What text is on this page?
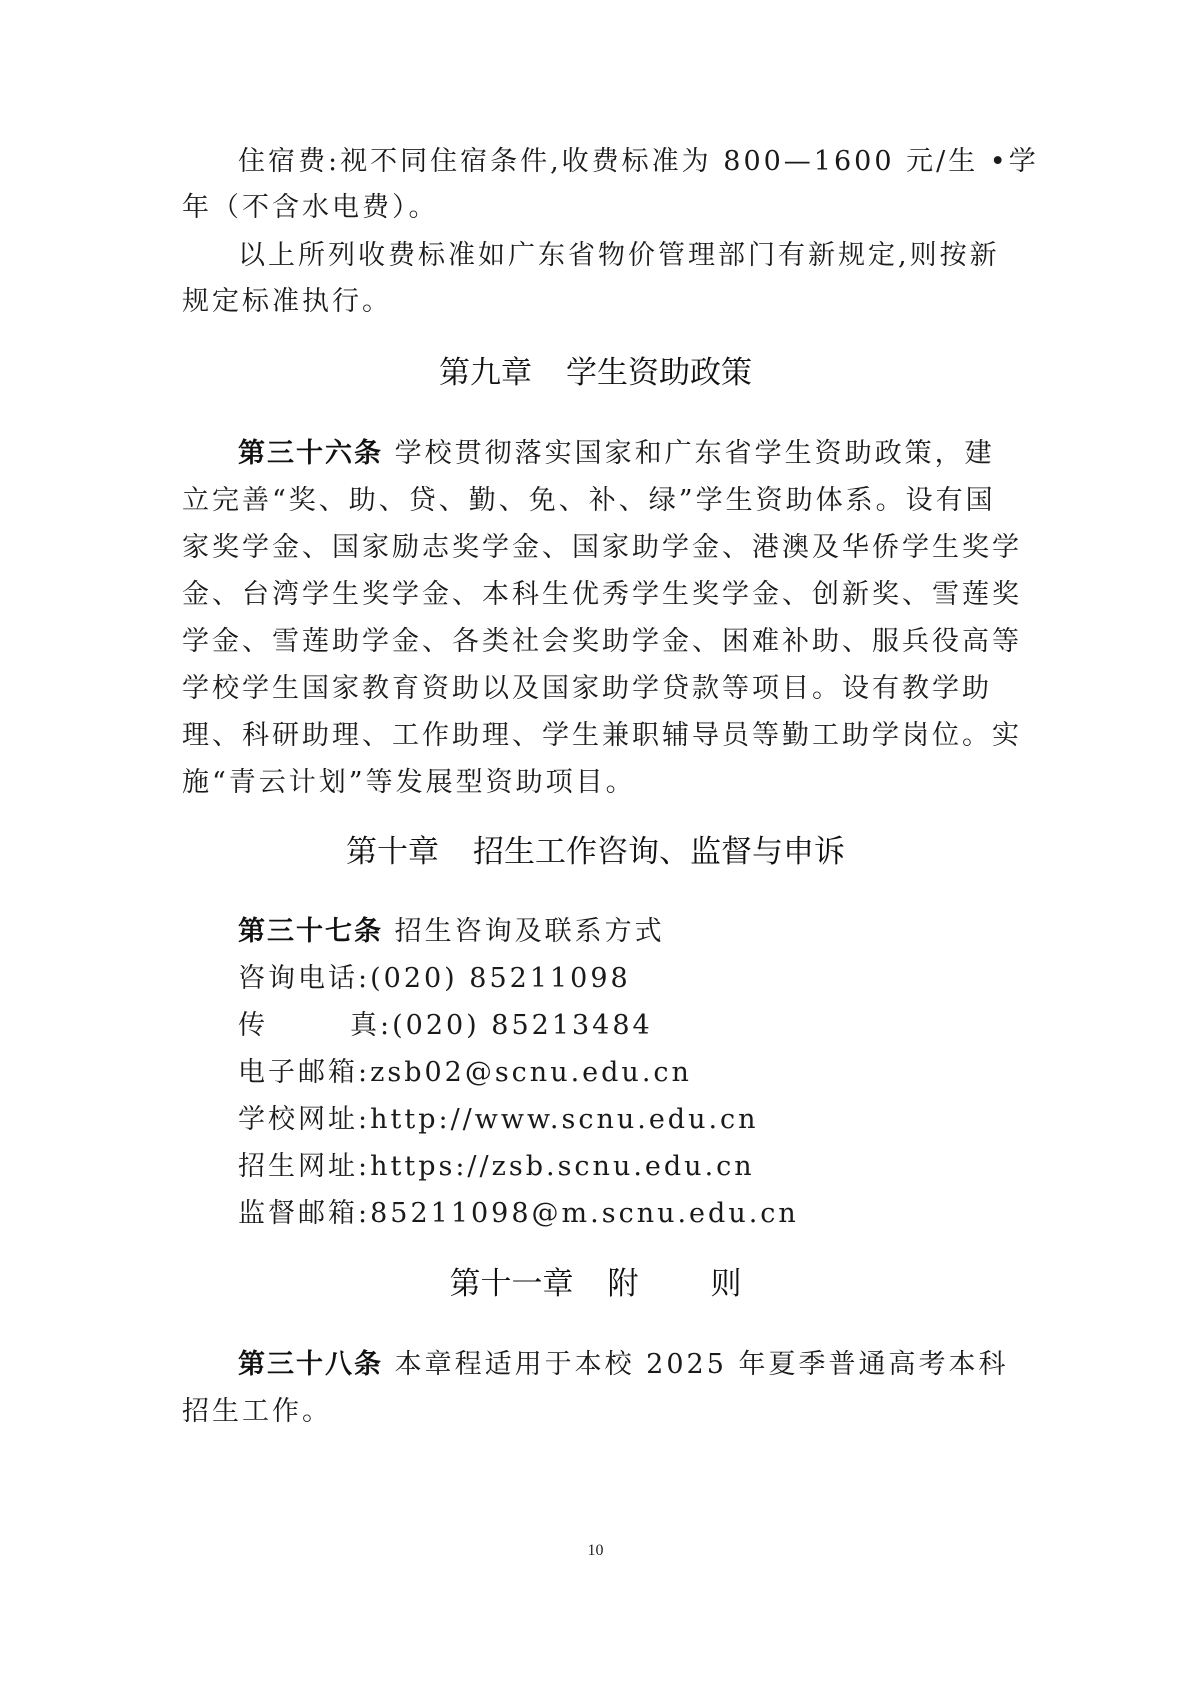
住宿费:视不同住宿条件,收费标准为 800—1600 元/生 •学
年（不含水电费）。
以上所列收费标准如广东省物价管理部门有新规定,则按新
规定标准执行。
第九章 学生资助政策
第三十六条 学校贯彻落实国家和广东省学生资助政策，建
立完善“奖、助、贷、勤、免、补、绿”学生资助体系。设有国
家奖学金、国家励志奖学金、国家助学金、港澳及华侨学生奖学
金、台湾学生奖学金、本科生优秀学生奖学金、创新奖、雪莲奖
学金、雪莲助学金、各类社会奖助学金、困难补助、服兵役高等
学校学生国家教育资助以及国家助学贷款等项目。设有教学助
理、科研助理、工作助理、学生兼职辅导员等勤工助学岗位。实
施“青云计划”等发展型资助项目。
第十章 招生工作咨询、监督与申诉
第三十七条 招生咨询及联系方式
咨询电话:(020) 85211098
传	真:(020) 85213484
电子邮箱:zsb02@scnu.edu.cn
学校网址:http://www.scnu.edu.cn
招生网址:https://zsb.scnu.edu.cn
监督邮箱:85211098@m.scnu.edu.cn
第十一章 附 则
第三十八条 本章程适用于本校 2025 年夏季普通高考本科
招生工作。
10
